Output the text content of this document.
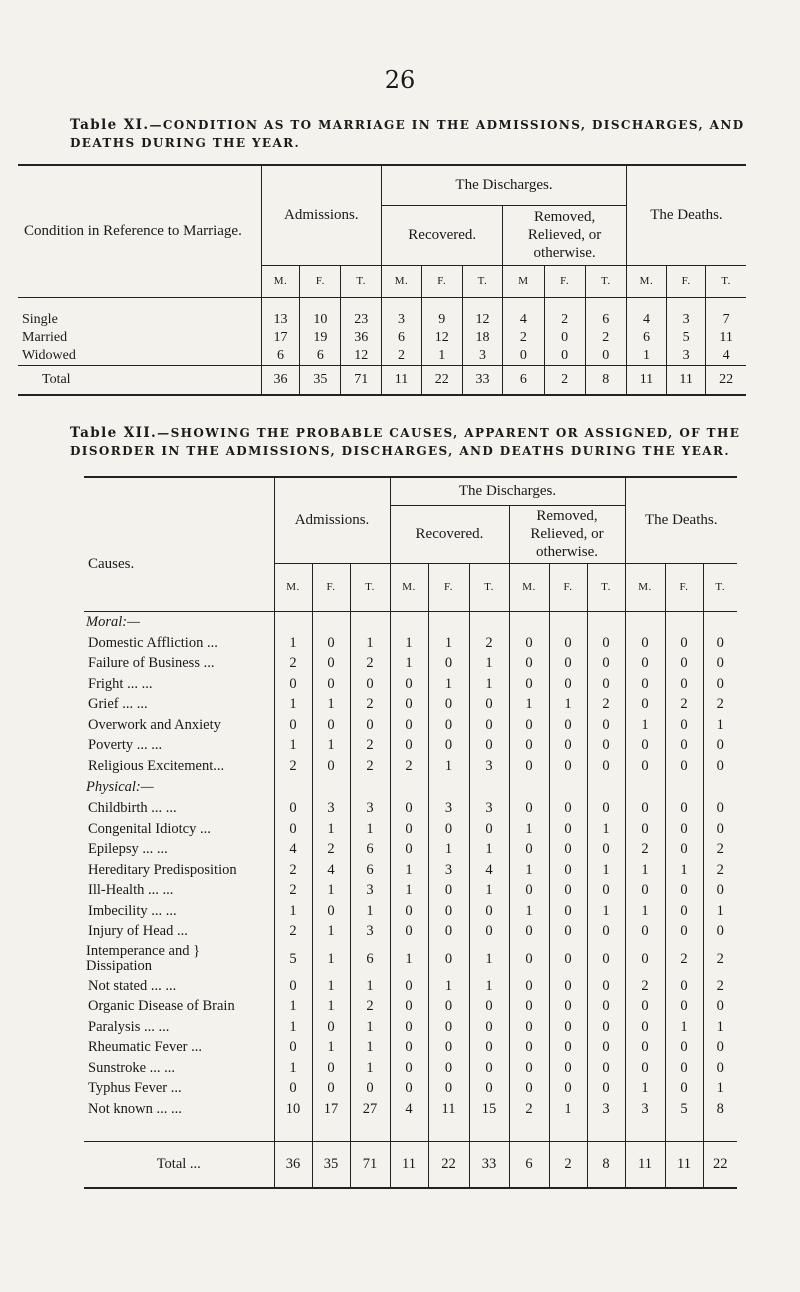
26
Table XI.—CONDITION AS TO MARRIAGE IN THE ADMISSIONS, DISCHARGES, AND DEATHS DURING THE YEAR.
Condition in Reference to Marriage.	Admissions.			The Discharges.						The Deaths.		
				Recovered.			Removed, Relieved, or otherwise.					
	M.	F.	T.	M.	F.	T.	M	F.	T.	M.	F.	T.

Single	13	10	23	3	9	12	4	2	6	4	3	7
Married	17	19	36	6	12	18	2	0	2	6	5	11
Widowed	6	6	12	2	1	3	0	0	0	1	3	4
Total	36	35	71	11	22	33	6	2	8	11	11	22
Table XII.—SHOWING THE PROBABLE CAUSES, APPARENT OR ASSIGNED, OF THE DISORDER IN THE ADMISSIONS, DISCHARGES, AND DEATHS DURING THE YEAR.
Causes.	Admissions.			The Discharges.						The Deaths.		
				Recovered.			Removed, Relieved, or otherwise.					
	M.	F.	T.	M.	F.	T.	M.	F.	T.	M.	F.	T.
Moral:—												
Domestic Affliction ...	1	0	1	1	1	2	0	0	0	0	0	0
Failure of Business ...	2	0	2	1	0	1	0	0	0	0	0	0
Fright ... ...	0	0	0	0	1	1	0	0	0	0	0	0
Grief ... ...	1	1	2	0	0	0	1	1	2	0	2	2
Overwork and Anxiety	0	0	0	0	0	0	0	0	0	1	0	1
Poverty ... ...	1	1	2	0	0	0	0	0	0	0	0	0
Religious Excitement...	2	0	2	2	1	3	0	0	0	0	0	0
Physical:—												
Childbirth ... ...	0	3	3	0	3	3	0	0	0	0	0	0
Congenital Idiotcy ...	0	1	1	0	0	0	1	0	1	0	0	0
Epilepsy ... ...	4	2	6	0	1	1	0	0	0	2	0	2
Hereditary Predisposition	2	4	6	1	3	4	1	0	1	1	1	2
Ill-Health ... ...	2	1	3	1	0	1	0	0	0	0	0	0
Imbecility ... ...	1	0	1	0	0	0	1	0	1	1	0	1
Injury of Head ...	2	1	3	0	0	0	0	0	0	0	0	0
Intemperance and }
Dissipation	5	1	6	1	0	1	0	0	0	0	2	2
Not stated ... ...	0	1	1	0	1	1	0	0	0	2	0	2
Organic Disease of Brain	1	1	2	0	0	0	0	0	0	0	0	0
Paralysis ... ...	1	0	1	0	0	0	0	0	0	0	1	1
Rheumatic Fever ...	0	1	1	0	0	0	0	0	0	0	0	0
Sunstroke ... ...	1	0	1	0	0	0	0	0	0	0	0	0
Typhus Fever ...	0	0	0	0	0	0	0	0	0	1	0	1
Not known ... ...	10	17	27	4	11	15	2	1	3	3	5	8

Total ...	36	35	71	11	22	33	6	2	8	11	11	22
